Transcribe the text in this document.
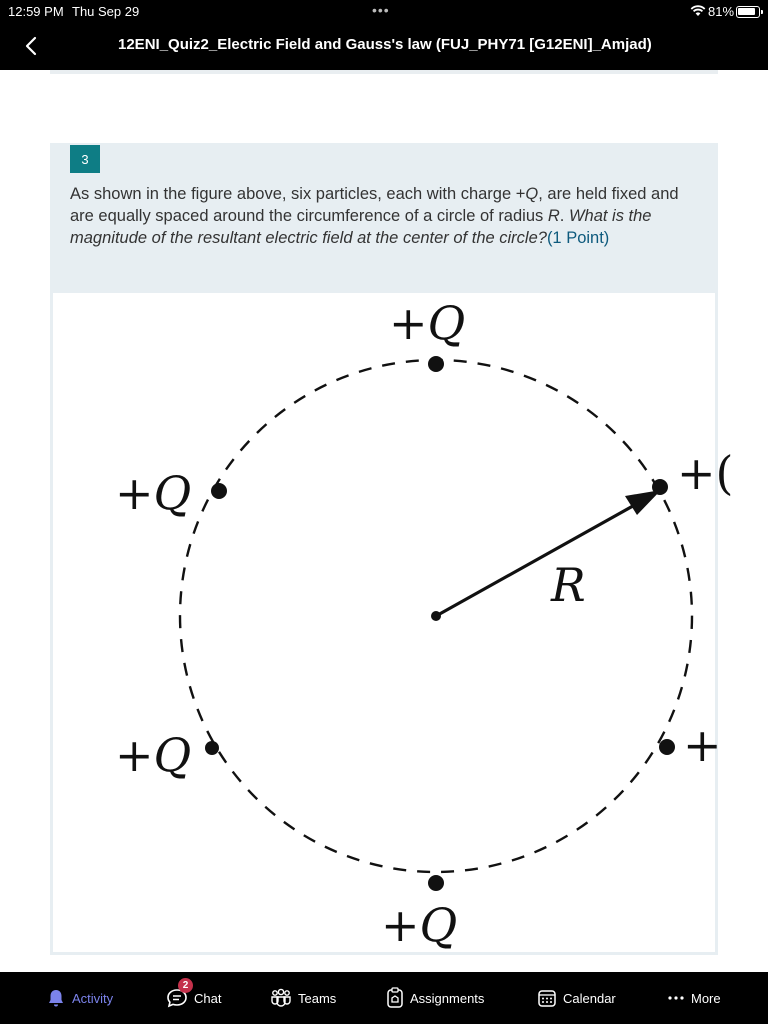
12:59 PM Thu Sep 29	•••	81%
12ENI_Quiz2_Electric Field and Gauss's law (FUJ_PHY71 [G12ENI]_Amjad)
3
As shown in the figure above, six particles, each with charge +Q, are held fixed and are equally spaced around the circumference of a circle of radius R. What is the magnitude of the resultant electric field at the center of the circle?(1 Point)
+Q
+Q
+Q
+Q
+(
+
R
Activity
2
Chat	Teams	Assignments	Calendar	More
